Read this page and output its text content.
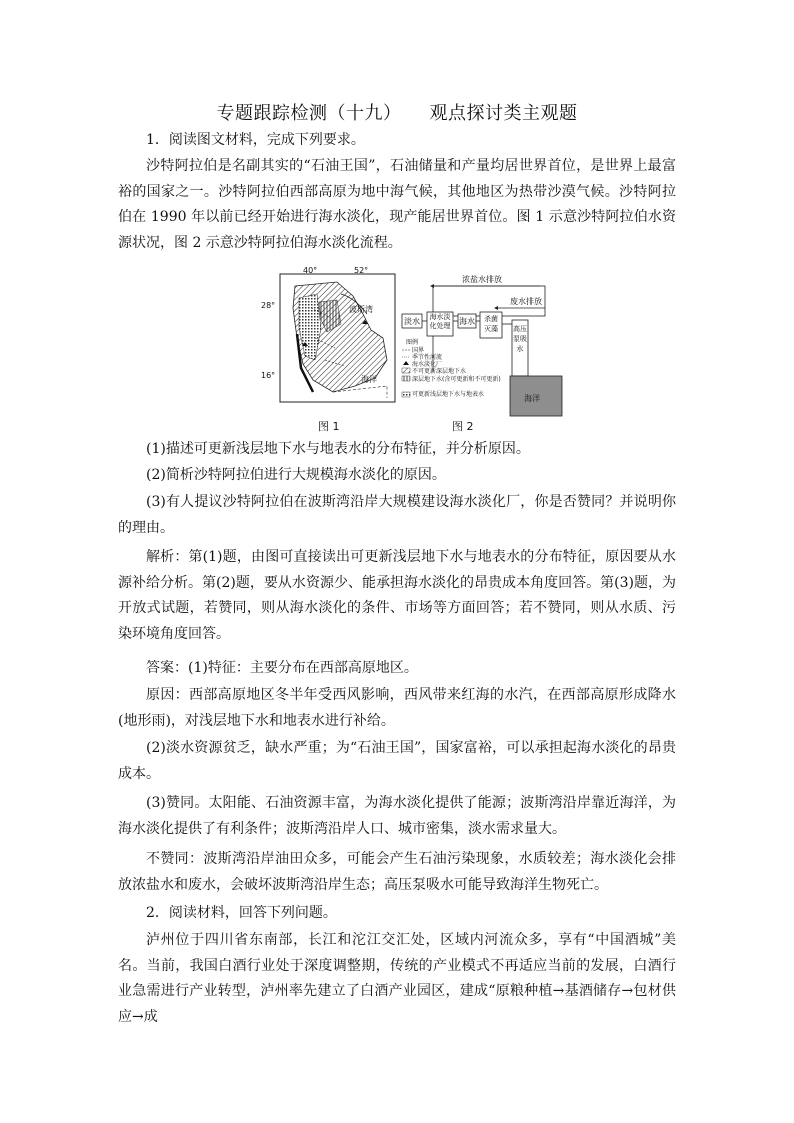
专题跟踪检测（十九） 观点探讨类主观题
1．阅读图文材料，完成下列要求。
沙特阿拉伯是名副其实的“石油王国”，石油储量和产量均居世界首位，是世界上最富裕的国家之一。沙特阿拉伯西部高原为地中海气候，其他地区为热带沙漠气候。沙特阿拉伯在 1990 年以前已经开始进行海水淡化，现产能居世界首位。图 1 示意沙特阿拉伯水资源状况，图 2 示意沙特阿拉伯海水淡化流程。
40°	52°
28°
16°
波斯湾
海洋
图 1
浓盐水排放
废水排放
淡水 海水淡化处理 海水	杀菌灭藻	高压泵吸水
图例
国界
季节性河流
海水淡化厂
不可更新深层地下水
深层地下水(含可更新和不可更新)
可更新浅层地下水与地表水	海洋
图 2
(1)描述可更新浅层地下水与地表水的分布特征，并分析原因。
(2)简析沙特阿拉伯进行大规模海水淡化的原因。
(3)有人提议沙特阿拉伯在波斯湾沿岸大规模建设海水淡化厂，你是否赞同？并说明你的理由。
解析：第(1)题，由图可直接读出可更新浅层地下水与地表水的分布特征，原因要从水源补给分析。第(2)题，要从水资源少、能承担海水淡化的昂贵成本角度回答。第(3)题，为开放式试题，若赞同，则从海水淡化的条件、市场等方面回答；若不赞同，则从水质、污染环境角度回答。
答案：(1)特征：主要分布在西部高原地区。
原因：西部高原地区冬半年受西风影响，西风带来红海的水汽，在西部高原形成降水(地形雨)，对浅层地下水和地表水进行补给。
(2)淡水资源贫乏，缺水严重；为“石油王国”，国家富裕，可以承担起海水淡化的昂贵成本。
(3)赞同。太阳能、石油资源丰富，为海水淡化提供了能源；波斯湾沿岸靠近海洋，为海水淡化提供了有利条件；波斯湾沿岸人口、城市密集，淡水需求量大。
不赞同：波斯湾沿岸油田众多，可能会产生石油污染现象，水质较差；海水淡化会排放浓盐水和废水，会破坏波斯湾沿岸生态；高压泵吸水可能导致海洋生物死亡。
2．阅读材料，回答下列问题。
泸州位于四川省东南部，长江和沱江交汇处，区域内河流众多，享有“中国酒城”美名。当前，我国白酒行业处于深度调整期，传统的产业模式不再适应当前的发展，白酒行业急需进行产业转型，泸州率先建立了白酒产业园区，建成“原粮种植→基酒储存→包材供应→成
